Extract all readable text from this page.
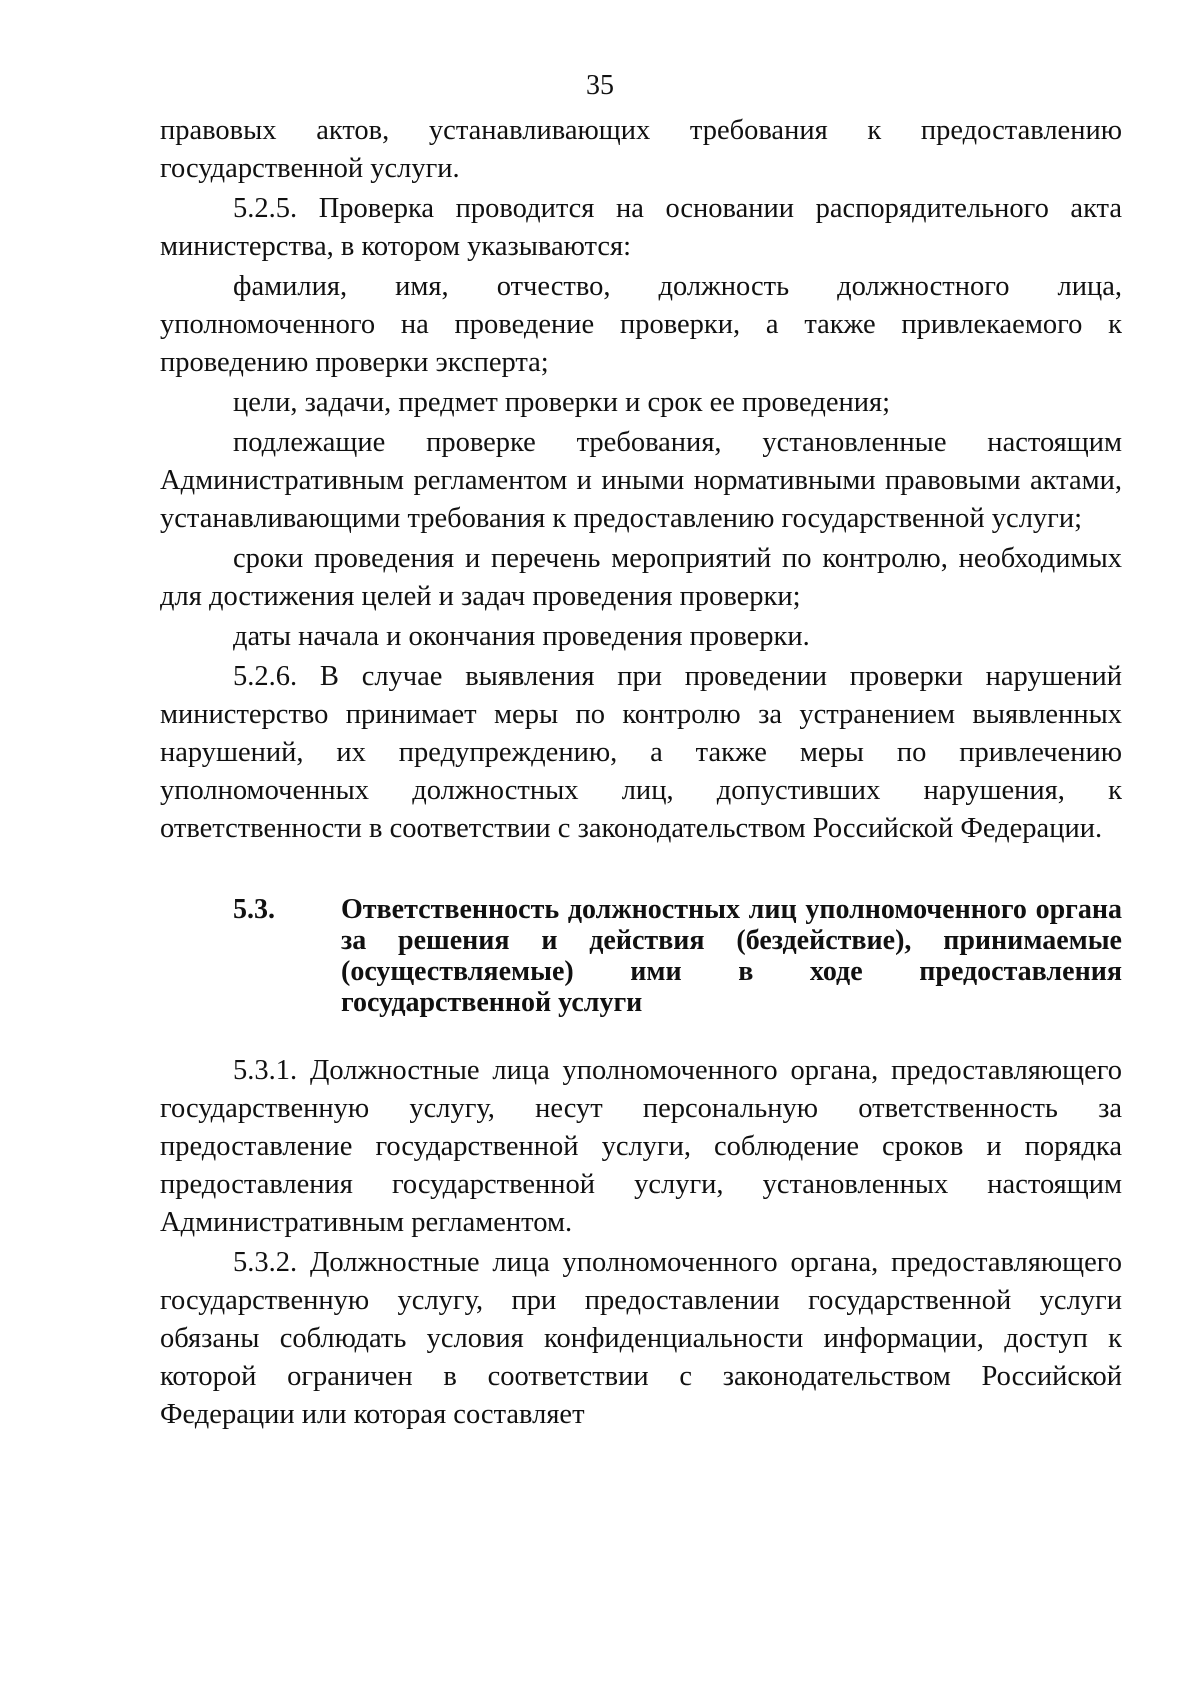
35

правовых актов, устанавливающих требования к предоставлению государственной услуги.

5.2.5. Проверка проводится на основании распорядительного акта министерства, в котором указываются:

фамилия, имя, отчество, должность должностного лица, уполномоченного на проведение проверки, а также привлекаемого к проведению проверки эксперта;

цели, задачи, предмет проверки и срок ее проведения;

подлежащие проверке требования, установленные настоящим Административным регламентом и иными нормативными правовыми актами, устанавливающими требования к предоставлению государственной услуги;

сроки проведения и перечень мероприятий по контролю, необходимых для достижения целей и задач проведения проверки;

даты начала и окончания проведения проверки.

5.2.6. В случае выявления при проведении проверки нарушений министерство принимает меры по контролю за устранением выявленных нарушений, их предупреждению, а также меры по привлечению уполномоченных должностных лиц, допустивших нарушения, к ответственности в соответствии с законодательством Российской Федерации.

5.3.	Ответственность должностных лиц уполномоченного органа за решения и действия (бездействие), принимаемые (осуществляемые) ими в ходе предоставления государственной услуги

5.3.1. Должностные лица уполномоченного органа, предоставляющего государственную услугу, несут персональную ответственность за предоставление государственной услуги, соблюдение сроков и порядка предоставления государственной услуги, установленных настоящим Административным регламентом.

5.3.2. Должностные лица уполномоченного органа, предоставляющего государственную услугу, при предоставлении государственной услуги обязаны соблюдать условия конфиденциальности информации, доступ к которой ограничен в соответствии с законодательством Российской Федерации или которая составляет
